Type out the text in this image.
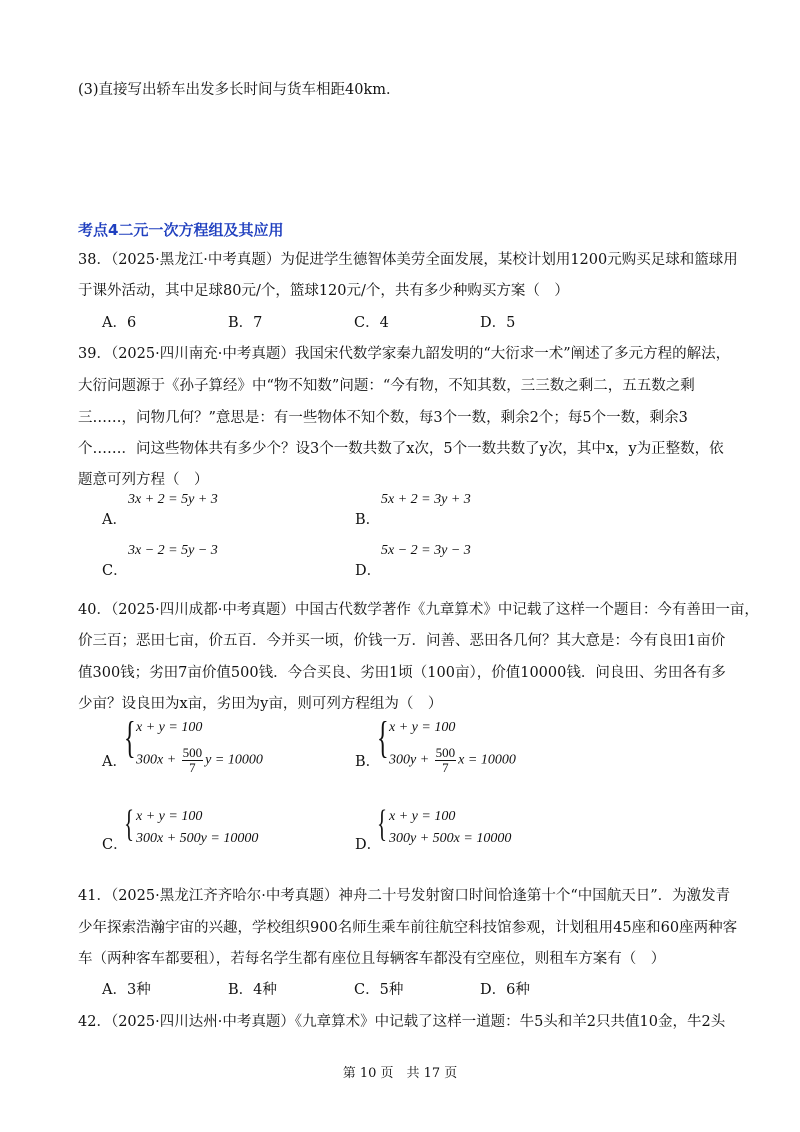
(3)直接写出轿车出发多长时间与货车相距40km．
考点4二元一次方程组及其应用
38．（2025·黑龙江·中考真题）为促进学生德智体美劳全面发展，某校计划用1200元购买足球和篮球用
于课外活动，其中足球80元/个，篮球120元/个，共有多少种购买方案（　）
A．6	B．7	C．4	D．5
39．（2025·四川南充·中考真题）我国宋代数学家秦九韶发明的“大衍求一术”阐述了多元方程的解法，
大衍问题源于《孙子算经》中“物不知数”问题：“今有物，不知其数，三三数之剩二，五五数之剩
三……，问物几何？”意思是：有一些物体不知个数，每3个一数，剩余2个；每5个一数，剩余3
个……．问这些物体共有多少个？设3个一数共数了x次，5个一数共数了y次，其中x，y为正整数，依
题意可列方程（　）
3x + 2 = 5y + 3
A．
5x + 2 = 3y + 3
B．
3x − 2 = 5y − 3
C．
5x − 2 = 3y − 3
D．
40．（2025·四川成都·中考真题）中国古代数学著作《九章算术》中记载了这样一个题目：今有善田一亩，
价三百；恶田七亩，价五百．今并买一顷，价钱一万．问善、恶田各几何？其大意是：今有良田1亩价
值300钱；劣田7亩价值500钱．今合买良、劣田1顷（100亩），价值10000钱．问良田、劣田各有多
少亩？设良田为x亩，劣田为y亩，则可列方程组为（　）
A．
{ x + y = 100
$300x + \frac{500}{7}$ y = 10000	B．
{ x + y = 100
$300y + \frac{500}{7}$ x = 10000
C．
{ x + y = 100
300x + 500y = 10000	D．
{ x + y = 100
300y + 500x = 10000
41．（2025·黑龙江齐齐哈尔·中考真题）神舟二十号发射窗口时间恰逢第十个“中国航天日”．为激发青
少年探索浩瀚宇宙的兴趣，学校组织900名师生乘车前往航空科技馆参观，计划租用45座和60座两种客
车（两种客车都要租），若每名学生都有座位且每辆客车都没有空座位，则租车方案有（　）
A．3种	B．4种	C．5种	D．6种
42．（2025·四川达州·中考真题）《九章算术》中记载了这样一道题：牛5头和羊2只共值10金，牛2头
第 10 页　共 17 页
